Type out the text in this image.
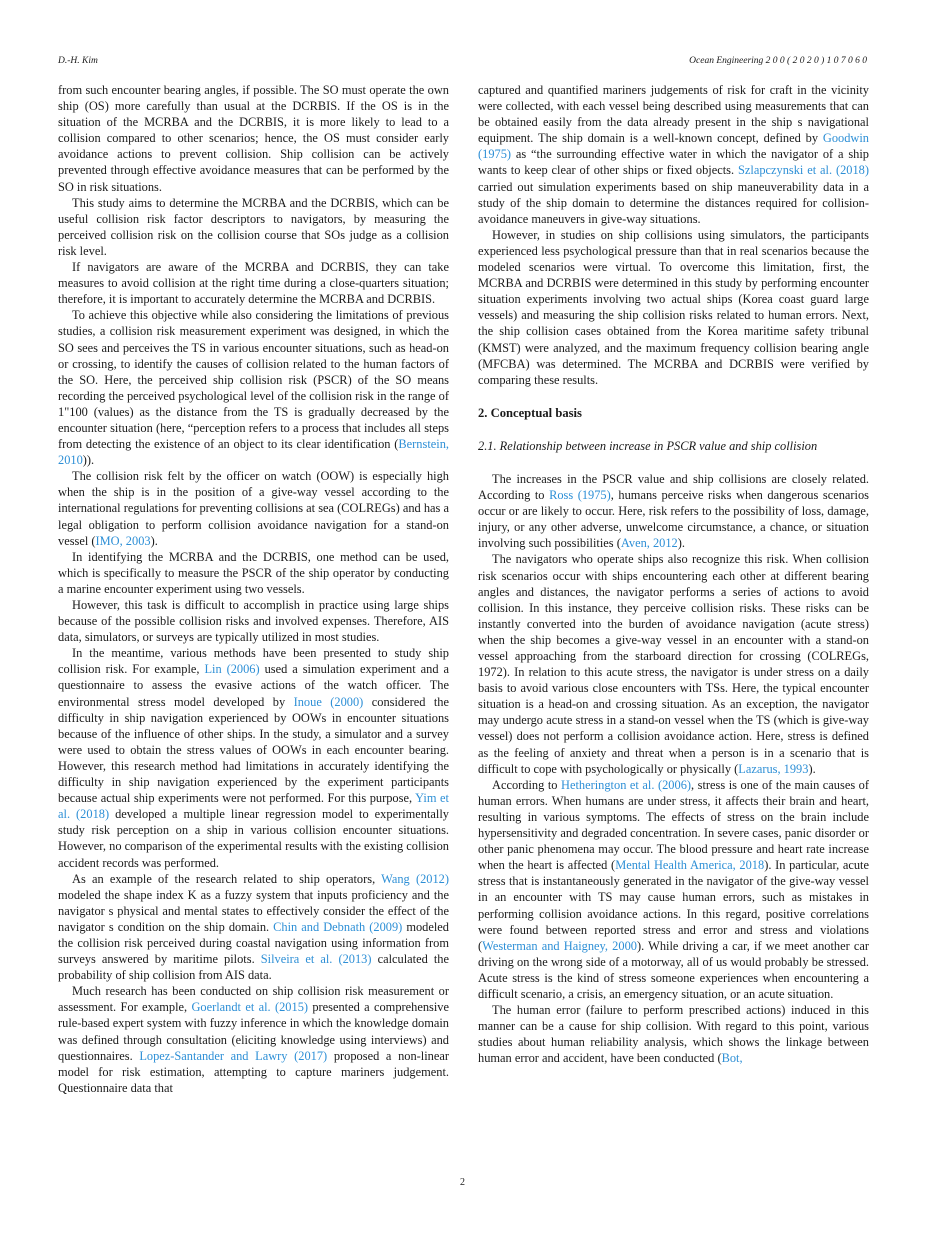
D.-H. Kim	Ocean Engineering 2 0 0 ( 2 0 2 0 ) 1 0 7 0 6 0

from such encounter bearing angles, if possible. The SO must operate the own ship (OS) more carefully than usual at the DCRBIS. If the OS is in the situation of the MCRBA and the DCRBIS, it is more likely to lead to a collision compared to other scenarios; hence, the OS must consider early avoidance actions to prevent collision. Ship collision can be actively prevented through effective avoidance measures that can be performed by the SO in risk situations.

This study aims to determine the MCRBA and the DCRBIS, which can be useful collision risk factor descriptors to navigators, by measuring the perceived collision risk on the collision course that SOs judge as a collision risk level.

If navigators are aware of the MCRBA and DCRBIS, they can take measures to avoid collision at the right time during a close-quarters situation; therefore, it is important to accurately determine the MCRBA and DCRBIS.

To achieve this objective while also considering the limitations of previous studies, a collision risk measurement experiment was designed, in which the SO sees and perceives the TS in various encounter situations, such as head-on or crossing, to identify the causes of collision related to the human factors of the SO. Here, the perceived ship collision risk (PSCR) of the SO means recording the perceived psychological level of the collision risk in the range of 1"100 (values) as the distance from the TS is gradually decreased by the encounter situation (here, “perception refers to a process that includes all steps from detecting the existence of an object to its clear identification (Bernstein, 2010)).

The collision risk felt by the officer on watch (OOW) is especially high when the ship is in the position of a give-way vessel according to the international regulations for preventing collisions at sea (COLREGs) and has a legal obligation to perform collision avoidance navigation for a stand-on vessel (IMO, 2003).

In identifying the MCRBA and the DCRBIS, one method can be used, which is specifically to measure the PSCR of the ship operator by conducting a marine encounter experiment using two vessels.

However, this task is difficult to accomplish in practice using large ships because of the possible collision risks and involved expenses. Therefore, AIS data, simulators, or surveys are typically utilized in most studies.

In the meantime, various methods have been presented to study ship collision risk. For example, Lin (2006) used a simulation experiment and a questionnaire to assess the evasive actions of the watch officer. The environmental stress model developed by Inoue (2000) considered the difficulty in ship navigation experienced by OOWs in encounter situations because of the influence of other ships. In the study, a simulator and a survey were used to obtain the stress values of OOWs in each encounter bearing. However, this research method had limitations in accurately identifying the difficulty in ship navigation experienced by the experiment participants because actual ship experiments were not performed. For this purpose, Yim et al. (2018) developed a multiple linear regression model to experimentally study risk perception on a ship in various collision encounter situations. However, no comparison of the experimental results with the existing collision accident records was performed.

As an example of the research related to ship operators, Wang (2012) modeled the shape index K as a fuzzy system that inputs proficiency and the navigator s physical and mental states to effectively consider the effect of the navigator s condition on the ship domain. Chin and Debnath (2009) modeled the collision risk perceived during coastal navigation using information from surveys answered by maritime pilots. Silveira et al. (2013) calculated the probability of ship collision from AIS data.

Much research has been conducted on ship collision risk measurement or assessment. For example, Goerlandt et al. (2015) presented a comprehensive rule-based expert system with fuzzy inference in which the knowledge domain was defined through consultation (eliciting knowledge using interviews) and questionnaires. Lopez-Santander and Lawry (2017) proposed a non-linear model for risk estimation, attempting to capture mariners judgement. Questionnaire data that

captured and quantified mariners judgements of risk for craft in the vicinity were collected, with each vessel being described using measurements that can be obtained easily from the data already present in the ship s navigational equipment. The ship domain is a well-known concept, defined by Goodwin (1975) as “the surrounding effective water in which the navigator of a ship wants to keep clear of other ships or fixed objects. Szlapczynski et al. (2018) carried out simulation experiments based on ship maneuverability data in a study of the ship domain to determine the distances required for collision-avoidance maneuvers in give-way situations.

However, in studies on ship collisions using simulators, the participants experienced less psychological pressure than that in real scenarios because the modeled scenarios were virtual. To overcome this limitation, first, the MCRBA and DCRBIS were determined in this study by performing encounter situation experiments involving two actual ships (Korea coast guard large vessels) and measuring the ship collision risks related to human errors. Next, the ship collision cases obtained from the Korea maritime safety tribunal (KMST) were analyzed, and the maximum frequency collision bearing angle (MFCBA) was determined. The MCRBA and DCRBIS were verified by comparing these results.

2. Conceptual basis
2.1. Relationship between increase in PSCR value and ship collision

The increases in the PSCR value and ship collisions are closely related. According to Ross (1975), humans perceive risks when dangerous scenarios occur or are likely to occur. Here, risk refers to the possibility of loss, damage, injury, or any other adverse, unwelcome circumstance, a chance, or situation involving such possibilities (Aven, 2012).

The navigators who operate ships also recognize this risk. When collision risk scenarios occur with ships encountering each other at different bearing angles and distances, the navigator performs a series of actions to avoid collision. In this instance, they perceive collision risks. These risks can be instantly converted into the burden of avoidance navigation (acute stress) when the ship becomes a give-way vessel in an encounter with a stand-on vessel approaching from the starboard direction for crossing (COLREGs, 1972). In relation to this acute stress, the navigator is under stress on a daily basis to avoid various close encounters with TSs. Here, the typical encounter situation is a head-on and crossing situation. As an exception, the navigator may undergo acute stress in a stand-on vessel when the TS (which is give-way vessel) does not perform a collision avoidance action. Here, stress is defined as the feeling of anxiety and threat when a person is in a scenario that is difficult to cope with psychologically or physically (Lazarus, 1993).

According to Hetherington et al. (2006), stress is one of the main causes of human errors. When humans are under stress, it affects their brain and heart, resulting in various symptoms. The effects of stress on the brain include hypersensitivity and degraded concentration. In severe cases, panic disorder or other panic phenomena may occur. The blood pressure and heart rate increase when the heart is affected (Mental Health America, 2018). In particular, acute stress that is instantaneously generated in the navigator of the give-way vessel in an encounter with TS may cause human errors, such as mistakes in performing collision avoidance actions. In this regard, positive correlations were found between reported stress and error and stress and violations (Westerman and Haigney, 2000). While driving a car, if we meet another car driving on the wrong side of a motorway, all of us would probably be stressed. Acute stress is the kind of stress someone experiences when encountering a difficult scenario, a crisis, an emergency situation, or an acute situation.

The human error (failure to perform prescribed actions) induced in this manner can be a cause for ship collision. With regard to this point, various studies about human reliability analysis, which shows the linkage between human error and accident, have been conducted (Bot,

2
